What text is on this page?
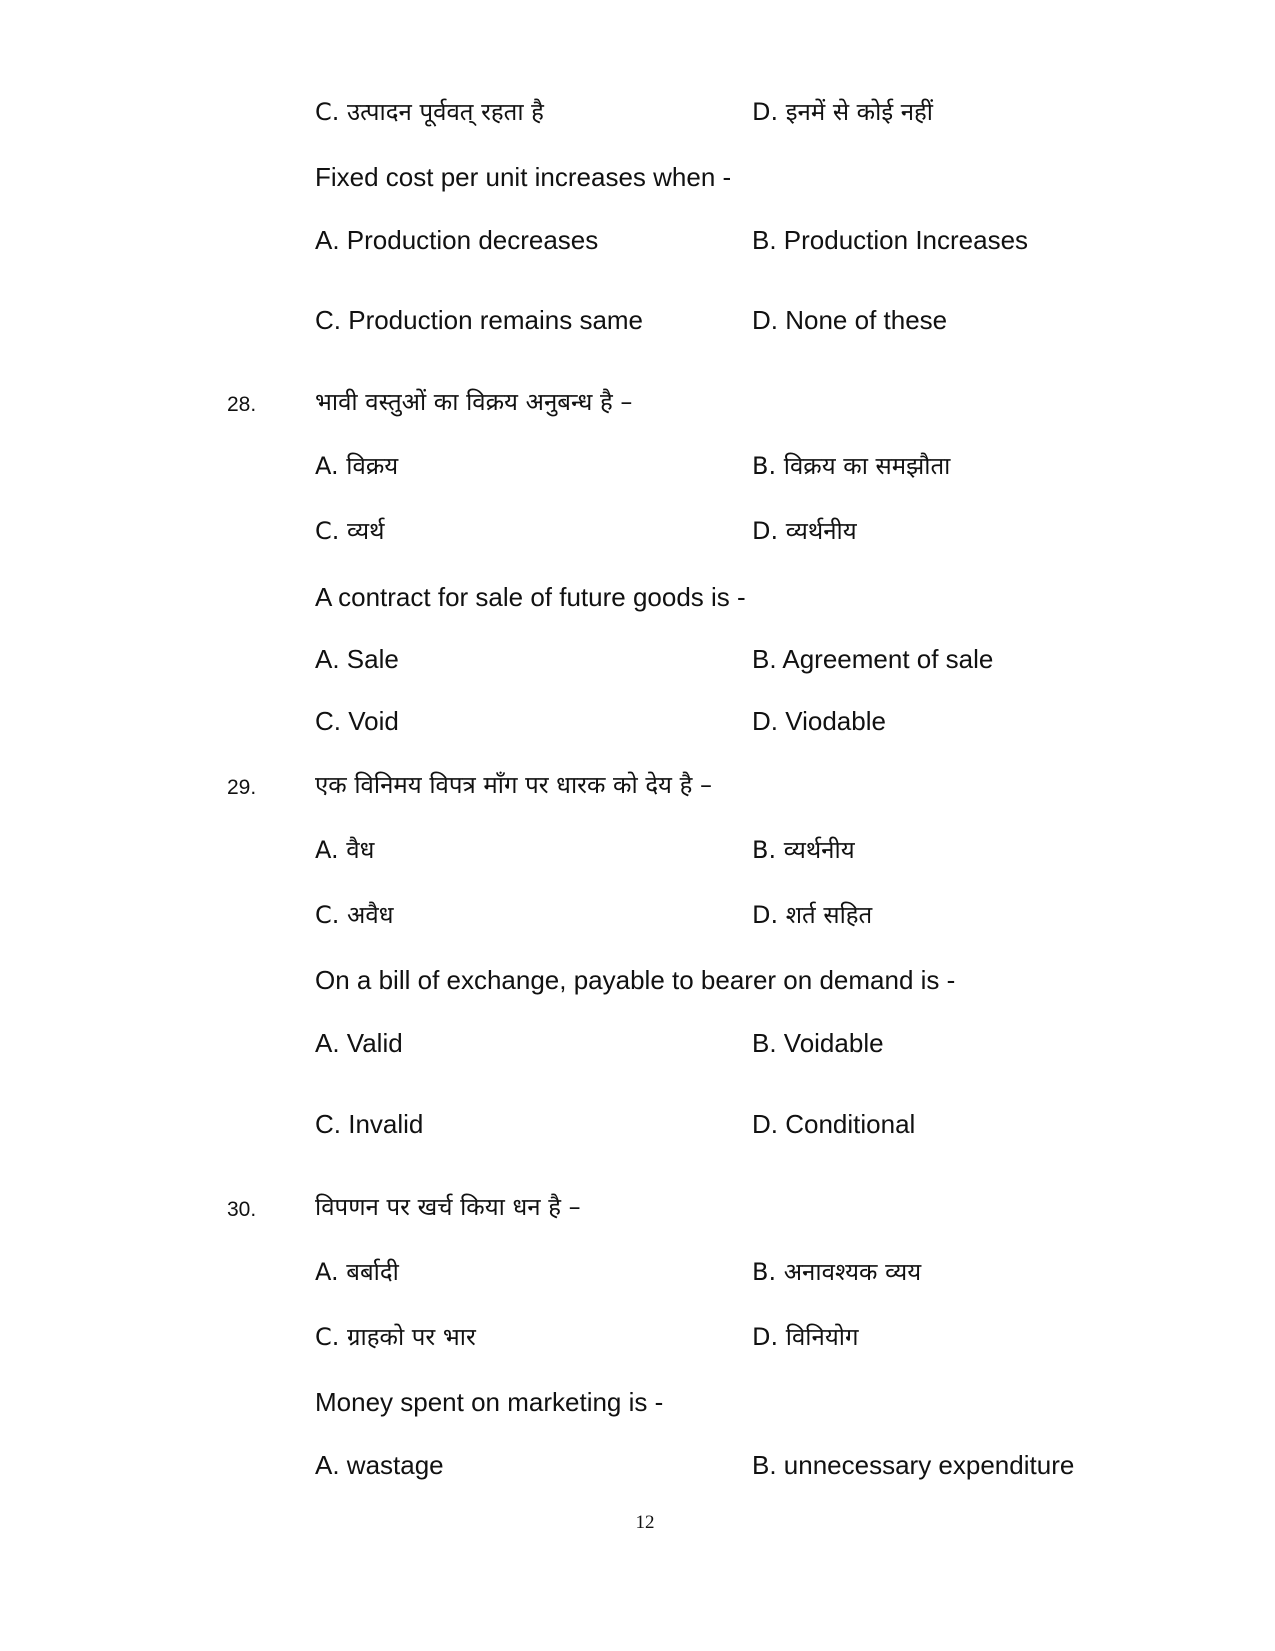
C. उत्पादन पूर्ववत् रहता है	D. इनमें से कोई नहीं
Fixed cost per unit increases when -
A. Production decreases	B. Production Increases
C. Production remains same	D. None of these
28. भावी वस्तुओं का विक्रय अनुबन्ध है –
A. विक्रय	B. विक्रय का समझौता
C. व्यर्थ	D. व्यर्थनीय
A contract for sale of future goods is -
A. Sale	B. Agreement of sale
C. Void	D. Viodable
29. एक विनिमय विपत्र माँग पर धारक को देय है –
A. वैध	B. व्यर्थनीय
C. अवैध	D. शर्त सहित
On a bill of exchange, payable to bearer on demand is -
A. Valid	B. Voidable
C. Invalid	D. Conditional
30. विपणन पर खर्च किया धन है –
A. बर्बादी	B. अनावश्यक व्यय
C. ग्राहको पर भार	D. विनियोग
Money spent on marketing is -
A. wastage	B. unnecessary expenditure
12
